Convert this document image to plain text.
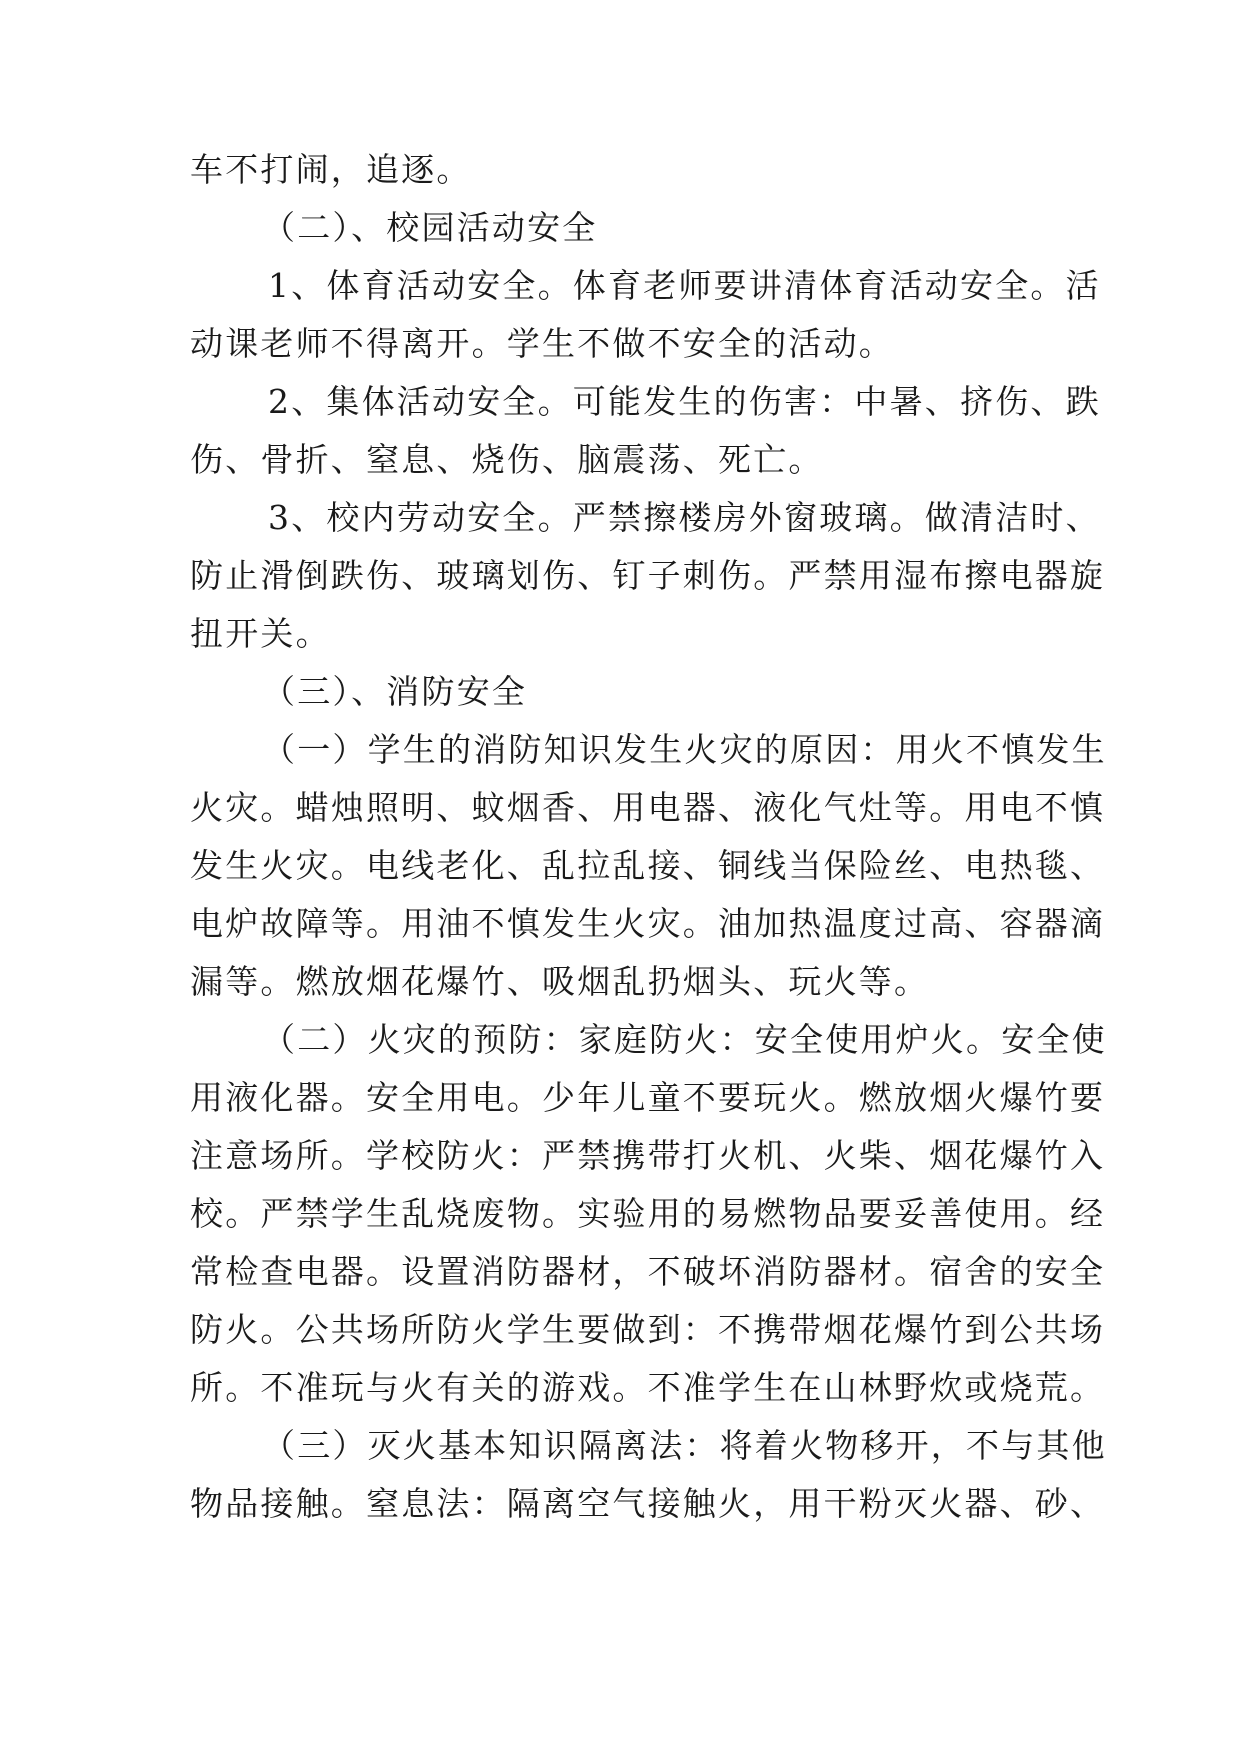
车不打闹，追逐。

（二）、校园活动安全

1、体育活动安全。体育老师要讲清体育活动安全。活

动课老师不得离开。学生不做不安全的活动。

2、集体活动安全。可能发生的伤害：中暑、挤伤、跌

伤、骨折、窒息、烧伤、脑震荡、死亡。

3、校内劳动安全。严禁擦楼房外窗玻璃。做清洁时、

防止滑倒跌伤、玻璃划伤、钉子刺伤。严禁用湿布擦电器旋

扭开关。

（三）、消防安全

（一）学生的消防知识发生火灾的原因：用火不慎发生

火灾。蜡烛照明、蚊烟香、用电器、液化气灶等。用电不慎

发生火灾。电线老化、乱拉乱接、铜线当保险丝、电热毯、

电炉故障等。用油不慎发生火灾。油加热温度过高、容器滴

漏等。燃放烟花爆竹、吸烟乱扔烟头、玩火等。

（二）火灾的预防：家庭防火：安全使用炉火。安全使

用液化器。安全用电。少年儿童不要玩火。燃放烟火爆竹要

注意场所。学校防火：严禁携带打火机、火柴、烟花爆竹入

校。严禁学生乱烧废物。实验用的易燃物品要妥善使用。经

常检查电器。设置消防器材，不破坏消防器材。宿舍的安全

防火。公共场所防火学生要做到：不携带烟花爆竹到公共场

所。不准玩与火有关的游戏。不准学生在山林野炊或烧荒。

（三）灭火基本知识隔离法：将着火物移开，不与其他

物品接触。窒息法：隔离空气接触火，用干粉灭火器、砂、
